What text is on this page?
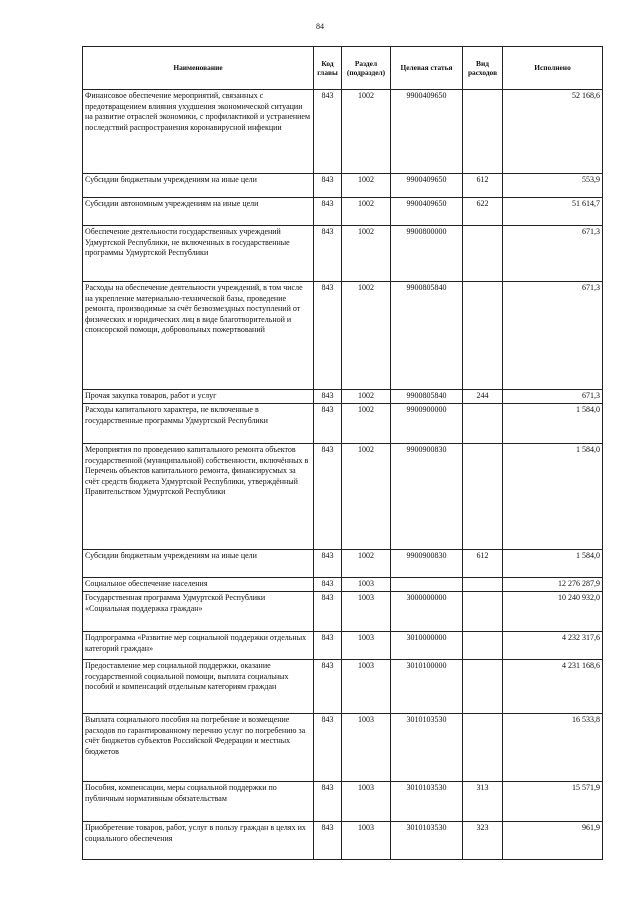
84
Наименование	Код главы	Раздел (подраздел)	Целевая статья	Вид расходов	Исполнено
Финансовое обеспечение мероприятий, связанных с предотвращением влияния ухудшения экономической ситуации на развитие отраслей экономики, с профилактикой и устранением последствий распространения коронавирусной инфекции	843	1002	9900409650		52 168,6
Субсидии бюджетным учреждениям на иные цели	843	1002	9900409650	612	553,9
Субсидии автономным учреждениям на иные цели	843	1002	9900409650	622	51 614,7
Обеспечение деятельности государственных учреждений Удмуртской Республики, не включенных в государственные программы Удмуртской Республики	843	1002	9900800000		671,3
Расходы на обеспечение деятельности учреждений, в том числе на укрепление материально-технической базы, проведение ремонта, производимые за счёт безвозмездных поступлений от физических и юридических лиц в виде благотворительной и спонсорской помощи, добровольных пожертвований	843	1002	9900805840		671,3
Прочая закупка товаров, работ и услуг	843	1002	9900805840	244	671,3
Расходы капитального характера, не включенные в государственные программы Удмуртской Республики	843	1002	9900900000		1 584,0
Мероприятия по проведению капитального ремонта объектов государственной (муниципальной) собственности, включённых в Перечень объектов капитального ремонта, финансирусмых за счёт средств бюджета Удмуртской Республики, утверждённый Правительством Удмуртской Республики	843	1002	9900900830		1 584,0
Субсидии бюджетным учреждениям на иные цели	843	1002	9900900830	612	1 584,0
Социальное обеспечение населения	843	1003			12 276 287,9
Государственная программа Удмуртской Республики «Социальная поддержка граждан»	843	1003	3000000000		10 240 932,0
Подпрограмма «Развитие мер социальной поддержки отдельных категорий граждан»	843	1003	3010000000		4 232 317,6
Предоставление мер социальной поддержки, оказание государственной социальной помощи, выплата социальных пособий и компенсаций отдельным категориям граждан	843	1003	3010100000		4 231 168,6
Выплата социального пособия на погребение и возмещение расходов по гарантированному перечню услуг по погребению за счёт бюджетов субъектов Российской Федерации и местных бюджетов	843	1003	3010103530		16 533,8
Пособия, компенсации, меры социальной поддержки по публичным нормативным обязательствам	843	1003	3010103530	313	15 571,9
Приобретение товаров, работ, услуг в пользу граждан в целях их социального обеспечения	843	1003	3010103530	323	961,9
